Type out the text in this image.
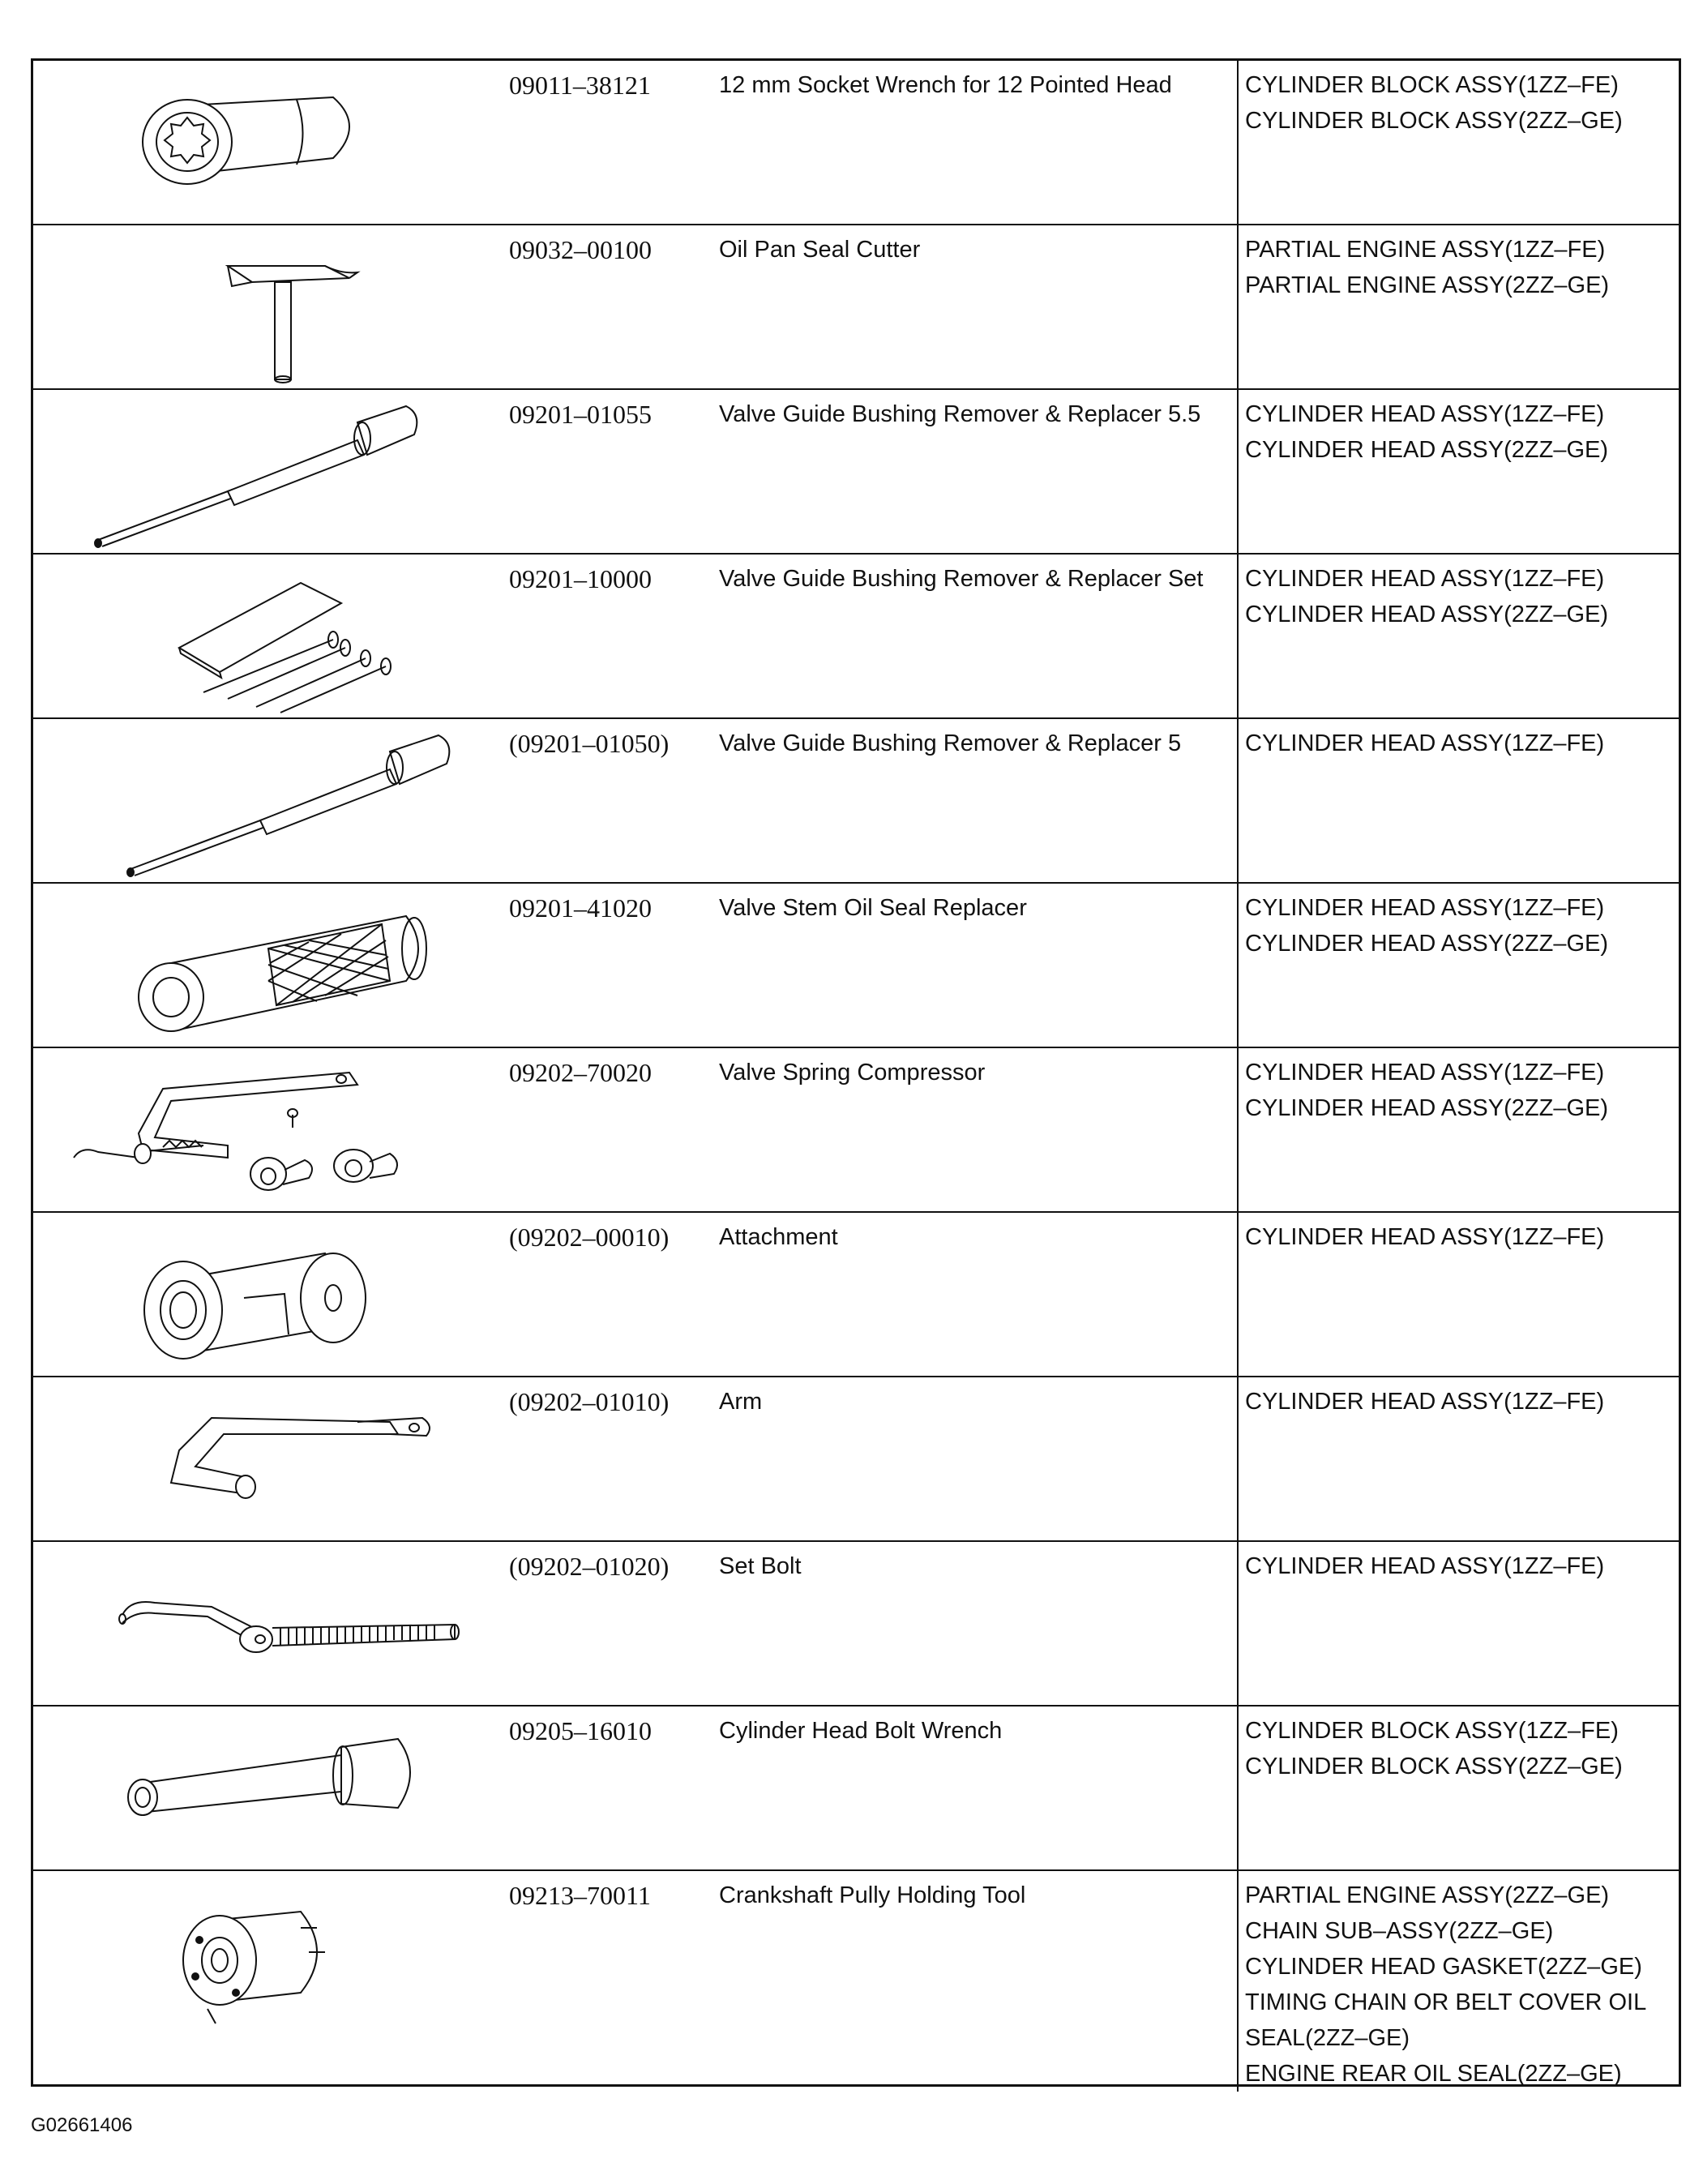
09011–38121	12 mm Socket Wrench for 12 Pointed Head	CYLINDER BLOCK ASSY(1ZZ–FE)
CYLINDER BLOCK ASSY(2ZZ–GE)
09032–00100	Oil Pan Seal Cutter	PARTIAL ENGINE ASSY(1ZZ–FE)
PARTIAL ENGINE ASSY(2ZZ–GE)
09201–01055	Valve Guide Bushing Remover & Replacer 5.5	CYLINDER HEAD ASSY(1ZZ–FE)
CYLINDER HEAD ASSY(2ZZ–GE)
09201–10000	Valve Guide Bushing Remover & Replacer Set	CYLINDER HEAD ASSY(1ZZ–FE)
CYLINDER HEAD ASSY(2ZZ–GE)
(09201–01050)	Valve Guide Bushing Remover & Replacer 5	CYLINDER HEAD ASSY(1ZZ–FE)
09201–41020	Valve Stem Oil Seal Replacer	CYLINDER HEAD ASSY(1ZZ–FE)
CYLINDER HEAD ASSY(2ZZ–GE)
09202–70020	Valve Spring Compressor	CYLINDER HEAD ASSY(1ZZ–FE)
CYLINDER HEAD ASSY(2ZZ–GE)
(09202–00010)	Attachment	CYLINDER HEAD ASSY(1ZZ–FE)
(09202–01010)	Arm	CYLINDER HEAD ASSY(1ZZ–FE)
(09202–01020)	Set Bolt	CYLINDER HEAD ASSY(1ZZ–FE)
09205–16010	Cylinder Head Bolt Wrench	CYLINDER BLOCK ASSY(1ZZ–FE)
CYLINDER BLOCK ASSY(2ZZ–GE)
09213–70011	Crankshaft Pully Holding Tool	PARTIAL ENGINE ASSY(2ZZ–GE)
CHAIN SUB–ASSY(2ZZ–GE)
CYLINDER HEAD GASKET(2ZZ–GE)
TIMING CHAIN OR BELT COVER OIL SEAL(2ZZ–GE)
ENGINE REAR OIL SEAL(2ZZ–GE)
G02661406
